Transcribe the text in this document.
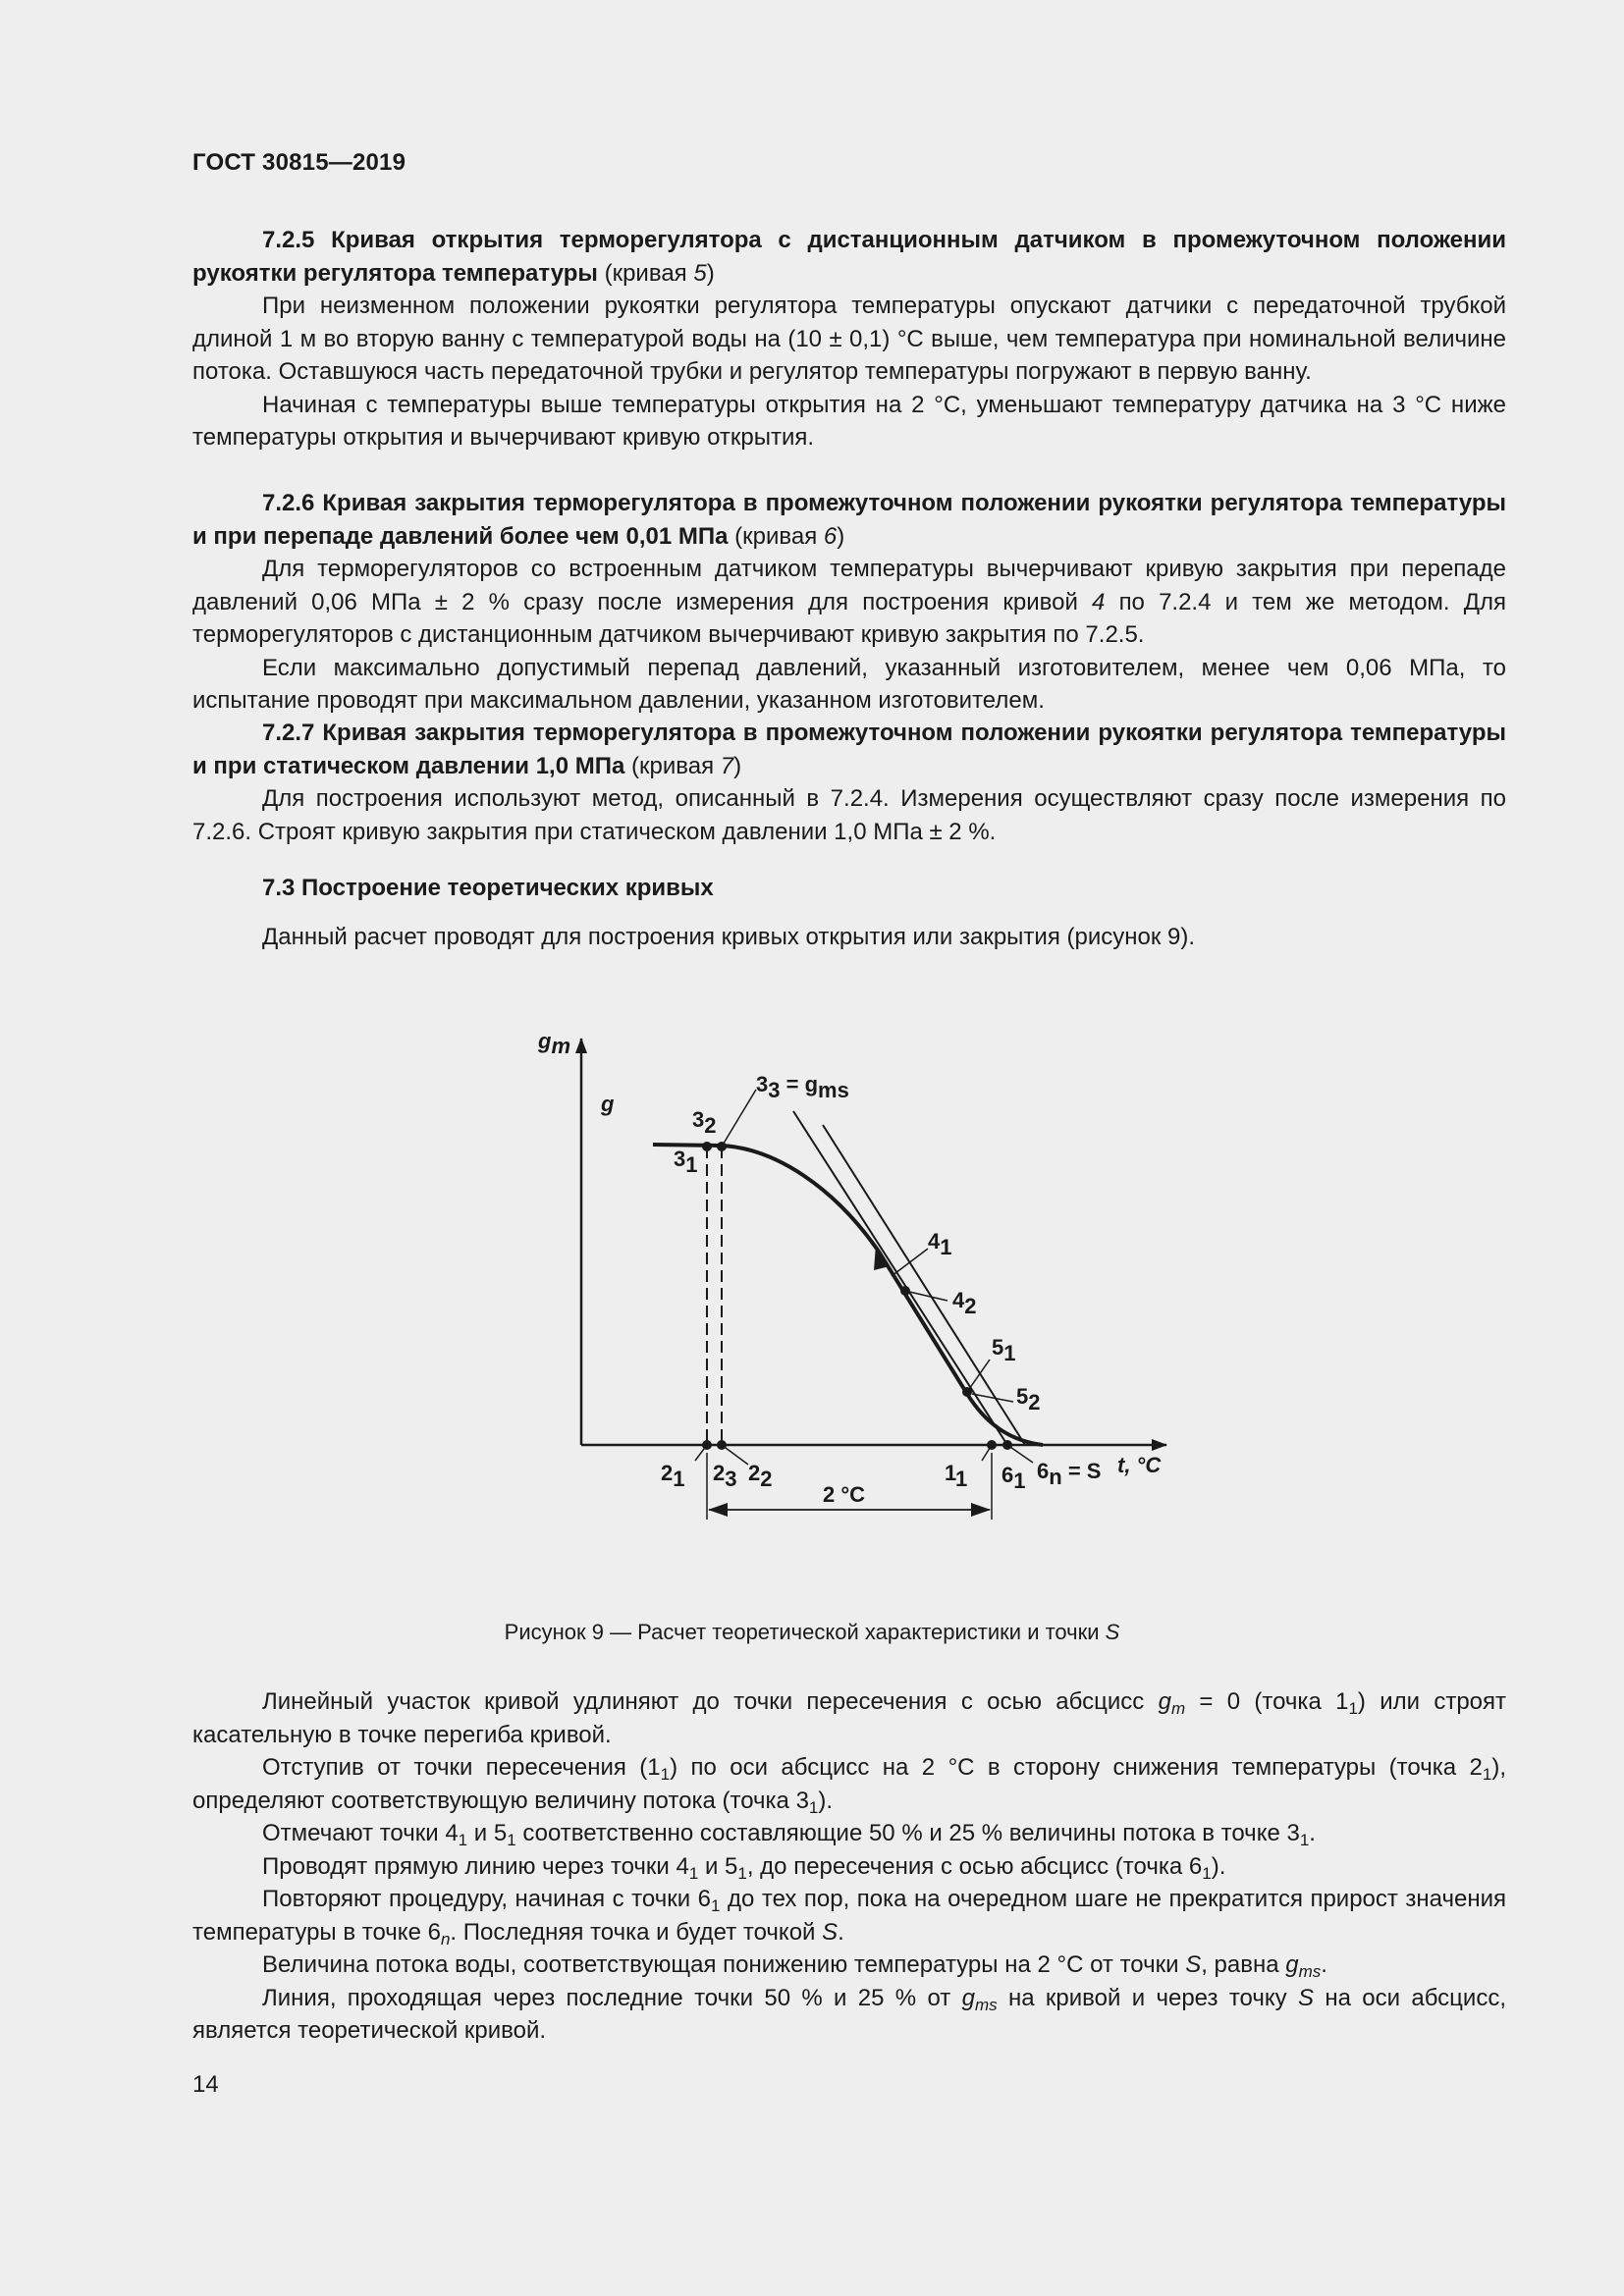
ГОСТ 30815—2019

7.2.5 Кривая открытия терморегулятора с дистанционным датчиком в промежуточном положении рукоятки регулятора температуры (кривая 5)

При неизменном положении рукоятки регулятора температуры опускают датчики с передаточной трубкой длиной 1 м во вторую ванну с температурой воды на (10 ± 0,1) °С выше, чем температура при номинальной величине потока. Оставшуюся часть передаточной трубки и регулятор температуры погружают в первую ванну.

Начиная с температуры выше температуры открытия на 2 °С, уменьшают температуру датчика на 3 °С ниже температуры открытия и вычерчивают кривую открытия.

7.2.6 Кривая закрытия терморегулятора в промежуточном положении рукоятки регулятора температуры и при перепаде давлений более чем 0,01 МПа (кривая 6)

Для терморегуляторов со встроенным датчиком температуры вычерчивают кривую закрытия при перепаде давлений 0,06 МПа ± 2 % сразу после измерения для построения кривой 4 по 7.2.4 и тем же методом. Для терморегуляторов с дистанционным датчиком вычерчивают кривую закрытия по 7.2.5.

Если максимально допустимый перепад давлений, указанный изготовителем, менее чем 0,06 МПа, то испытание проводят при максимальном давлении, указанном изготовителем.

7.2.7 Кривая закрытия терморегулятора в промежуточном положении рукоятки регулятора температуры и при статическом давлении 1,0 МПа (кривая 7)

Для построения используют метод, описанный в 7.2.4. Измерения осуществляют сразу после измерения по 7.2.6. Строят кривую закрытия при статическом давлении 1,0 МПа ± 2 %.

7.3 Построение теоретических кривых

Данный расчет проводят для построения кривых открытия или закрытия (рисунок 9).

gm
g
t, °C
32
31
33 = gms
41
42
51
52
21 23 22	11 61 6n = S
2 °C
Рисунок 9 — Расчет теоретической характеристики и точки S

Линейный участок кривой удлиняют до точки пересечения с осью абсцисс $g_m = 0$ (точка $1_1$) или строят касательную в точке перегиба кривой.

Отступив от точки пересечения $(1_1)$ по оси абсцисс на 2 °С в сторону снижения температуры (точка $2_1$), определяют соответствующую величину потока (точка $3_1$).

Отмечают точки $4_1$ и $5_1$ соответственно составляющие 50 % и 25 % величины потока в точке $3_1$.

Проводят прямую линию через точки $4_1$ и $5_1$, до пересечения с осью абсцисс (точка $6_1$).

Повторяют процедуру, начиная с точки $6_1$ до тех пор, пока на очередном шаге не прекратится прирост значения температуры в точке $6_n$. Последняя точка и будет точкой S.

Величина потока воды, соответствующая понижению температуры на 2 °С от точки S, равна $g_{ms}$.

Линия, проходящая через последние точки 50 % и 25 % от $g_{ms}$ на кривой и через точку S на оси абсцисс, является теоретической кривой.

14
